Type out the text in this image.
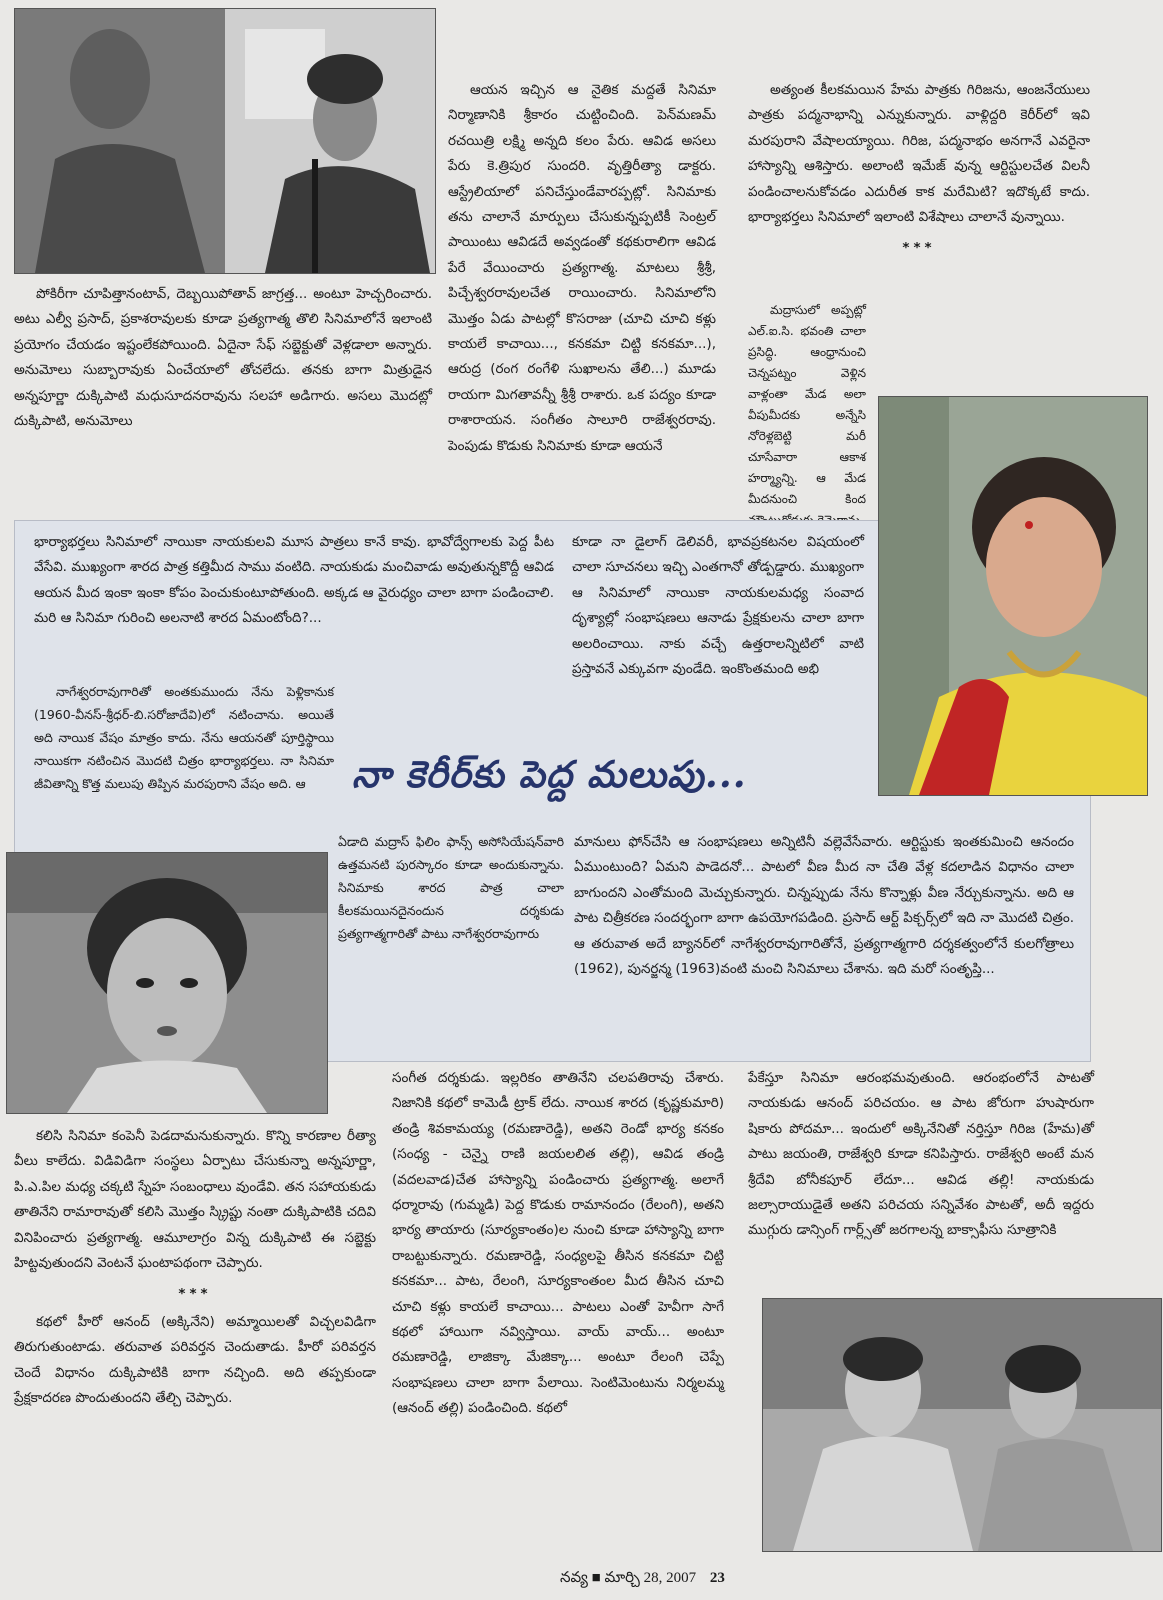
పోకిరీగా చూపిత్తానంటావ్, దెబ్బయిపోతావ్ జాగ్రత్త... అంటూ హెచ్చరించారు. అటు ఎల్వీ ప్రసాద్, ప్రకాశరావులకు కూడా ప్రత్యగాత్మ తొలి సినిమాలోనే ఇలాంటి ప్రయోగం చేయడం ఇష్టంలేకపోయింది. ఏదైనా సేఫ్ సబ్జెక్టుతో వెళ్లడాలా అన్నారు. అనుమోలు సుబ్బారావుకు ఏంచేయాలో తోచలేదు. తనకు బాగా మిత్రుడైన అన్నపూర్ణా దుక్కిపాటి మధుసూదనరావును సలహా అడిగారు. అసలు మొదట్లో దుక్కిపాటి, అనుమోలు

ఆయన ఇచ్చిన ఆ నైతిక మద్దతే సినిమా నిర్మాణానికి శ్రీకారం చుట్టించింది. పెన్‌మణమ్ రచయిత్రి లక్ష్మి అన్నది కలం పేరు. ఆవిడ అసలు పేరు కె.త్రిపుర సుందరి. వృత్తిరీత్యా డాక్టరు. ఆస్ట్రేలియాలో పనిచేస్తుండేవారప్పట్లో. సినిమాకు తను చాలానే మార్పులు చేసుకున్నప్పటికీ సెంట్రల్ పాయింటు ఆవిడదే అవ్వడంతో కథకురాలిగా ఆవిడ పేరే వేయించారు ప్రత్యగాత్మ. మాటలు శ్రీశ్రీ, పిచ్చేశ్వరరావులచేత రాయించారు. సినిమాలోని మొత్తం ఏడు పాటల్లో కొసరాజు (చూచి చూచి కళ్లు కాయలే కాచాయి..., కనకమా చిట్టి కనకమా...), ఆరుద్ర (రంగ రంగేళి సుఖాలను తేలి...) మూడు రాయగా మిగతావన్నీ శ్రీశ్రీ రాశారు. ఒక పద్యం కూడా రాశారాయన. సంగీతం సాలూరి రాజేశ్వరరావు. పెంపుడు కొడుకు సినిమాకు కూడా ఆయనే

అత్యంత కీలకమయిన హేమ పాత్రకు గిరిజను, ఆంజనేయులు పాత్రకు పద్మనాభాన్ని ఎన్నుకున్నారు. వాళ్లిద్దరి కెరీర్‌లో ఇవి మరపురాని వేషాలయ్యాయి. గిరిజ, పద్మనాభం అనగానే ఎవరైనా హాస్యాన్ని ఆశిస్తారు. అలాంటి ఇమేజ్ వున్న ఆర్టిస్టులచేత విలనీ పండించాలనుకోవడం ఎదురీత కాక మరేమిటి? ఇదొక్కటే కాదు. భార్యాభర్తలు సినిమాలో ఇలాంటి విశేషాలు చాలానే వున్నాయి.

***

మద్రాసులో అప్పట్లో ఎల్.ఐ.సి. భవంతి చాలా ప్రసిద్ధి. ఆంధ్రానుంచి చెన్నపట్నం వెళ్లిన వాళ్లంతా మేడ అలా వీపుమీదకు అన్నేసి నోరెళ్లబెట్టి మరీ చూసేవారా ఆకాశ హర్మ్యాన్ని. ఆ మేడ మీదనుంచి కింద

భార్యాభర్తలు సినిమాలో నాయికా నాయకులవి మూస పాత్రలు కానే కావు. భావోద్వేగాలకు పెద్ద పీట వేసేవి. ముఖ్యంగా శారద పాత్ర కత్తిమీద సాము వంటిది. నాయకుడు మంచివాడు అవుతున్నకొద్దీ ఆవిడ ఆయన మీద ఇంకా ఇంకా కోపం పెంచుకుంటూపోతుంది. అక్కడ ఆ వైరుధ్యం చాలా బాగా పండించాలి. మరి ఆ సినిమా గురించి అలనాటి శారద ఏమంటోంది?...

నాగేశ్వరరావుగారితో అంతకుముందు నేను పెళ్లికానుక (1960-వీనస్-శ్రీధర్-బి.సరోజాదేవి)లో నటించాను. అయితే అది నాయిక వేషం మాత్రం కాదు. నేను ఆయనతో పూర్తిస్థాయి నాయికగా నటించిన మొదటి చిత్రం భార్యాభర్తలు. నా సినిమా జీవితాన్ని కొత్త మలుపు తిప్పిన మరపురాని వేషం అది. ఆ

కూడా నా డైలాగ్ డెలివరీ, భావప్రకటనల విషయంలో చాలా సూచనలు ఇచ్చి ఎంతగానో తోడ్పడ్డారు. ముఖ్యంగా ఆ సినిమాలో నాయికా నాయకులమధ్య సంవాద దృశ్యాల్లో సంభాషణలు ఆనాడు ప్రేక్షకులను చాలా బాగా అలరించాయి. నాకు వచ్చే ఉత్తరాలన్నిటిలో వాటి ప్రస్తావనే ఎక్కువగా వుండేది. ఇంకొంతమంది అభి

నా కెరీర్‌కు పెద్ద మలుపు...

ఏడాది మద్రాస్ ఫిలిం ఫాన్స్ అసోసియేషన్‌వారి ఉత్తమనటి పురస్కారం కూడా అందుకున్నాను. సినిమాకు శారద పాత్ర చాలా కీలకమయినదైనందున దర్శకుడు ప్రత్యగాత్మగారితో పాటు నాగేశ్వరరావుగారు

మానులు ఫోన్‌చేసి ఆ సంభాషణలు అన్నిటినీ వల్లెవేసేవారు. ఆర్టిస్టుకు ఇంతకుమించి ఆనందం ఏముంటుంది? ఏమని పాడెదనో... పాటలో వీణ మీద నా చేతి వేళ్ల కదలాడిన విధానం చాలా బాగుందని ఎంతోమంది మెచ్చుకున్నారు. చిన్నప్పుడు నేను కొన్నాళ్లు వీణ నేర్చుకున్నాను. అది ఆ పాట చిత్రీకరణ సందర్భంగా బాగా ఉపయోగపడింది. ప్రసాద్ ఆర్ట్ పిక్చర్స్‌లో ఇది నా మొదటి చిత్రం. ఆ తరువాత అదే బ్యానర్‌లో నాగేశ్వరరావుగారితోనే, ప్రత్యగాత్మగారి దర్శకత్వంలోనే కులగోత్రాలు (1962), పునర్జన్మ (1963)వంటి మంచి సినిమాలు చేశాను. ఇది మరో సంతృప్తి...

కలిసి సినిమా కంపెనీ పెడదామనుకున్నారు. కొన్ని కారణాల రీత్యా వీలు కాలేదు. విడివిడిగా సంస్థలు ఏర్పాటు చేసుకున్నా అన్నపూర్ణా, పి.ఎ.పిల మధ్య చక్కటి స్నేహ సంబంధాలు వుండేవి. తన సహాయకుడు తాతినేని రామారావుతో కలిసి మొత్తం స్క్రిప్టు నంతా దుక్కిపాటికి చదివి వినిపించారు ప్రత్యగాత్మ. ఆమూలాగ్రం విన్న దుక్కిపాటి ఈ సబ్జెక్టు హిట్టవుతుందని వెంటనే ఘంటాపథంగా చెప్పారు.

***

కథలో హీరో ఆనంద్ (అక్కినేని) అమ్మాయిలతో విచ్చలవిడిగా తిరుగుతుంటాడు. తరువాత పరివర్తన చెందుతాడు. హీరో పరివర్తన చెందే విధానం దుక్కిపాటికి బాగా నచ్చింది. అది తప్పకుండా ప్రేక్షకాదరణ పొందుతుందని తేల్చి చెప్పారు.

సంగీత దర్శకుడు. ఇల్లరికం తాతినేని చలపతిరావు చేశారు. నిజానికి కథలో కామెడీ ట్రాక్ లేదు. నాయిక శారద (కృష్ణకుమారి) తండ్రి శివకామయ్య (రమణారెడ్డి), అతని రెండో భార్య కనకం (సంధ్య - చెన్నై రాణి జయలలిత తల్లి), ఆవిడ తండ్రి (వదలవాడ)చేత హాస్యాన్ని పండించారు ప్రత్యగాత్మ. అలాగే ధర్మారావు (గుమ్మడి) పెద్ద కొడుకు రామానందం (రేలంగి), అతని భార్య తాయారు (సూర్యకాంతం)ల నుంచి కూడా హాస్యాన్ని బాగా రాబట్టుకున్నారు. రమణారెడ్డి, సంధ్యలపై తీసిన కనకమా చిట్టి కనకమా... పాట, రేలంగి, సూర్యకాంతంల మీద తీసిన చూచి చూచి కళ్లు కాయలే కాచాయి... పాటలు ఎంతో హెవీగా సాగే కథలో హాయిగా నవ్విస్తాయి. వాయ్ వాయ్... అంటూ రమణారెడ్డి, లాజిక్కా మేజిక్కా... అంటూ రేలంగి చెప్పే సంభాషణలు చాలా బాగా పేలాయి. సెంటిమెంటును నిర్మలమ్మ (ఆనంద్ తల్లి) పండించింది. కథలో

పేకేస్తూ సినిమా ఆరంభమవుతుంది. ఆరంభంలోనే పాటతో నాయకుడు ఆనంద్ పరిచయం. ఆ పాట జోరుగా హుషారుగా షికారు పోదమా... ఇందులో అక్కినేనితో నర్తిస్తూ గిరిజ (హేమ)తో పాటు జయంతి, రాజేశ్వరి కూడా కనిపిస్తారు. రాజేశ్వరి అంటే మన శ్రీదేవి బోనీకపూర్ లేదూ... ఆవిడ తల్లి! నాయకుడు జల్సారాయుడైతే అతని పరిచయ సన్నివేశం పాటతో, అదీ ఇద్దరు ముగ్గురు డాన్సింగ్ గార్ల్స్‌తో జరగాలన్న బాక్సాఫీసు సూత్రానికి

నవ్య ■ మార్చి 28, 2007 23
